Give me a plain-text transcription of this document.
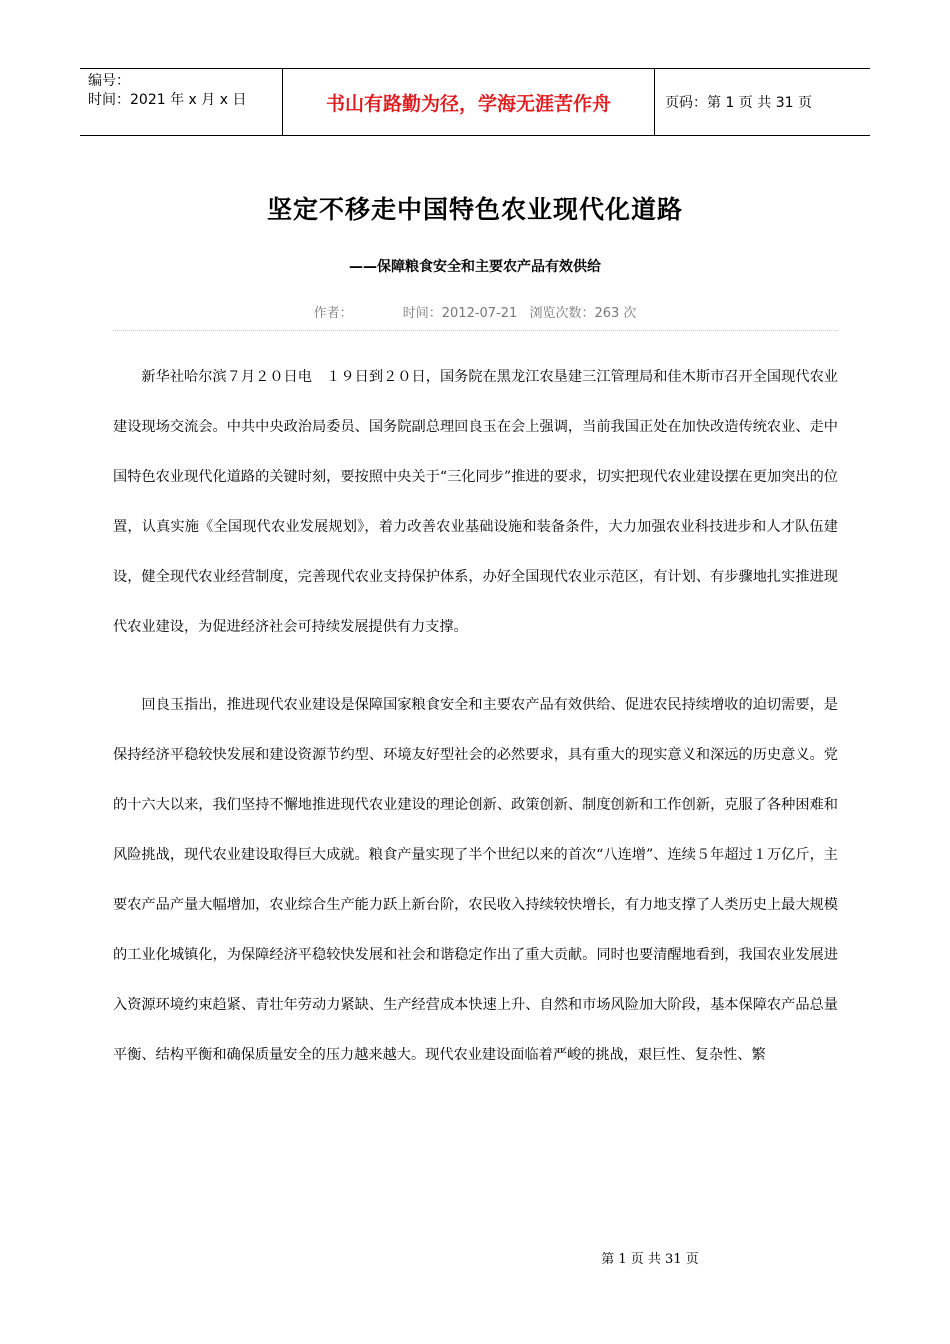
编号：
时间：2021 年 x 月 x 日	书山有路勤为径，学海无涯苦作舟	页码：第 1 页 共 31 页
坚定不移走中国特色农业现代化道路
——保障粮食安全和主要农产品有效供给
作者：	时间：2012-07-21 浏览次数：263 次

新华社哈尔滨７月２０日电　１９日到２０日，国务院在黑龙江农垦建三江管理局和佳木斯市召开全国现代农业建设现场交流会。中共中央政治局委员、国务院副总理回良玉在会上强调，当前我国正处在加快改造传统农业、走中国特色农业现代化道路的关键时刻，要按照中央关于“三化同步”推进的要求，切实把现代农业建设摆在更加突出的位置，认真实施《全国现代农业发展规划》，着力改善农业基础设施和装备条件，大力加强农业科技进步和人才队伍建设，健全现代农业经营制度，完善现代农业支持保护体系，办好全国现代农业示范区，有计划、有步骤地扎实推进现代农业建设，为促进经济社会可持续发展提供有力支撑。

回良玉指出，推进现代农业建设是保障国家粮食安全和主要农产品有效供给、促进农民持续增收的迫切需要，是保持经济平稳较快发展和建设资源节约型、环境友好型社会的必然要求，具有重大的现实意义和深远的历史意义。党的十六大以来，我们坚持不懈地推进现代农业建设的理论创新、政策创新、制度创新和工作创新，克服了各种困难和风险挑战，现代农业建设取得巨大成就。粮食产量实现了半个世纪以来的首次“八连增”、连续５年超过１万亿斤，主要农产品产量大幅增加，农业综合生产能力跃上新台阶，农民收入持续较快增长，有力地支撑了人类历史上最大规模的工业化城镇化，为保障经济平稳较快发展和社会和谐稳定作出了重大贡献。同时也要清醒地看到，我国农业发展进入资源环境约束趋紧、青壮年劳动力紧缺、生产经营成本快速上升、自然和市场风险加大阶段，基本保障农产品总量平衡、结构平衡和确保质量安全的压力越来越大。现代农业建设面临着严峻的挑战，艰巨性、复杂性、繁

第 1 页 共 31 页
